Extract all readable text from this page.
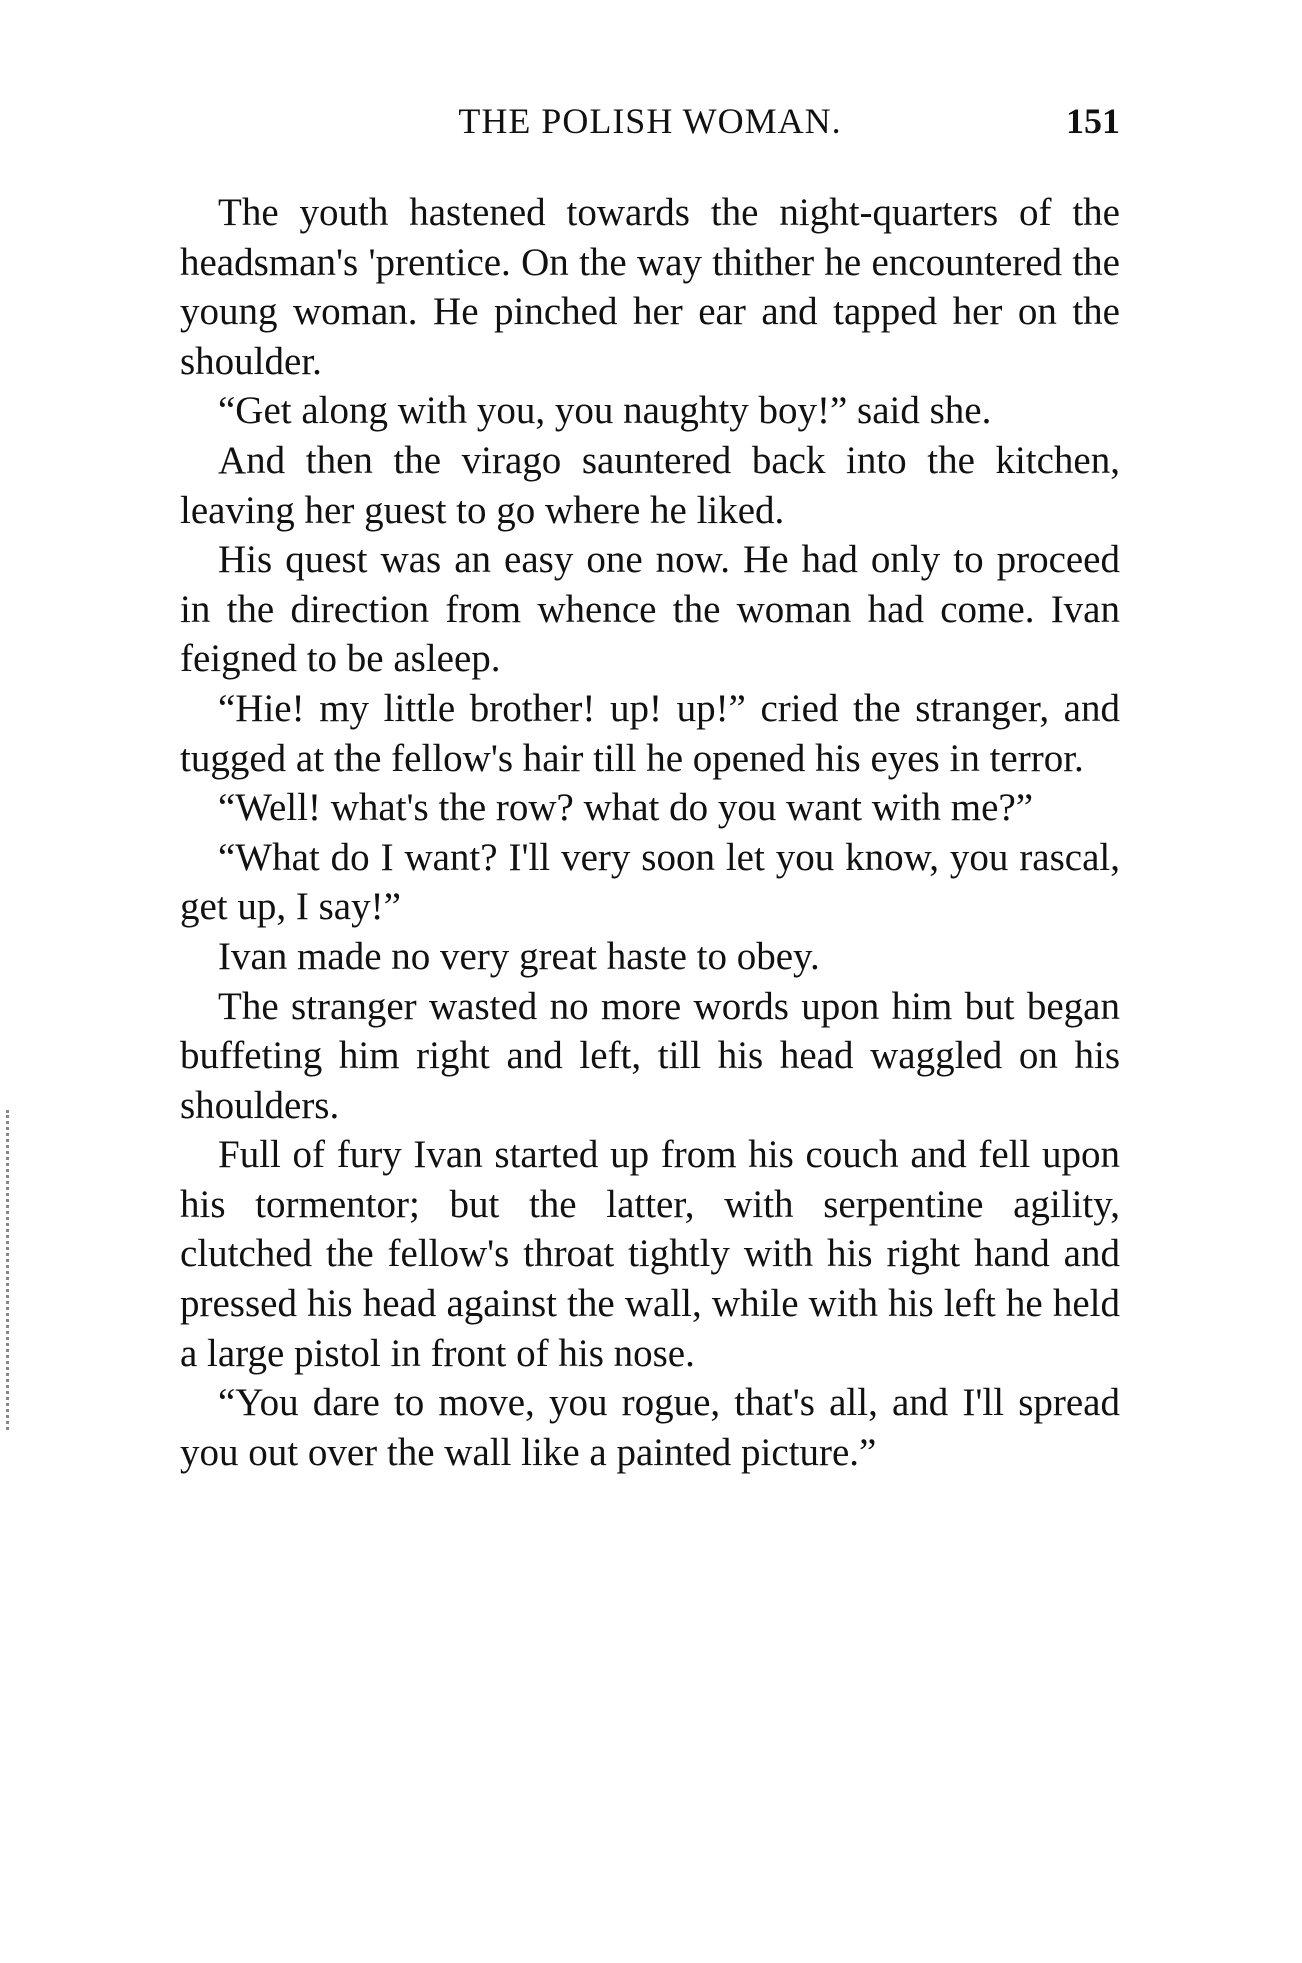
THE POLISH WOMAN.	151

The youth hastened towards the night-quarters of the headsman's 'prentice. On the way thither he encountered the young woman. He pinched her ear and tapped her on the shoulder.

“Get along with you, you naughty boy!” said she.

And then the virago sauntered back into the kitchen, leaving her guest to go where he liked.

His quest was an easy one now. He had only to proceed in the direction from whence the woman had come. Ivan feigned to be asleep.

“Hie! my little brother! up! up!” cried the stranger, and tugged at the fellow's hair till he opened his eyes in terror.

“Well! what's the row? what do you want with me?”

“What do I want? I'll very soon let you know, you rascal, get up, I say!”

Ivan made no very great haste to obey.

The stranger wasted no more words upon him but began buffeting him right and left, till his head waggled on his shoulders.

Full of fury Ivan started up from his couch and fell upon his tormentor; but the latter, with serpentine agility, clutched the fellow's throat tightly with his right hand and pressed his head against the wall, while with his left he held a large pistol in front of his nose.

“You dare to move, you rogue, that's all, and I'll spread you out over the wall like a painted picture.”
